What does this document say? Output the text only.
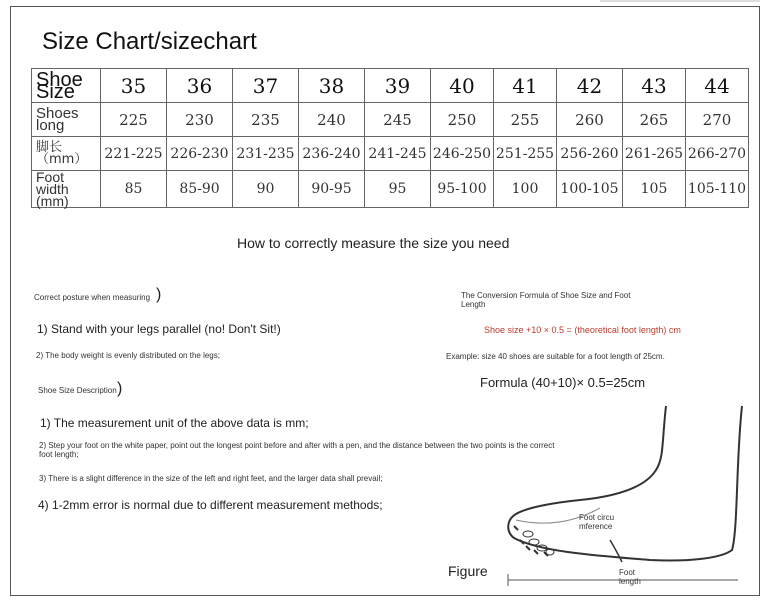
Size Chart/sizechart
Shoe Size	35	36	37	38	39	40	41	42	43	44
Shoes long	225	230	235	240	245	250	255	260	265	270
脚长（mm）	221-225	226-230	231-235	236-240	241-245	246-250	251-255	256-260	261-265	266-270
Foot width (mm)	85	85-90	90	90-95	95	95-100	100	100-105	105	105-110
How to correctly measure the size you need
Correct posture when measuring )
1) Stand with your legs parallel (no! Don't Sit!)
2) The body weight is evenly distributed on the legs;
Shoe Size Description )
1) The measurement unit of the above data is mm;
2) Step your foot on the white paper, point out the longest point before and after with a pen, and the distance between the two points is the correct foot length;
3) There is a slight difference in the size of the left and right feet, and the larger data shall prevail;
4) 1-2mm error is normal due to different measurement methods;
The Conversion Formula of Shoe Size and Foot Length
Shoe size +10 × 0.5 = (theoretical foot length) cm
Example: size 40 shoes are suitable for a foot length of 25cm.
Formula (40+10)× 0.5=25cm
Foot circu mference
Foot length
Figure
